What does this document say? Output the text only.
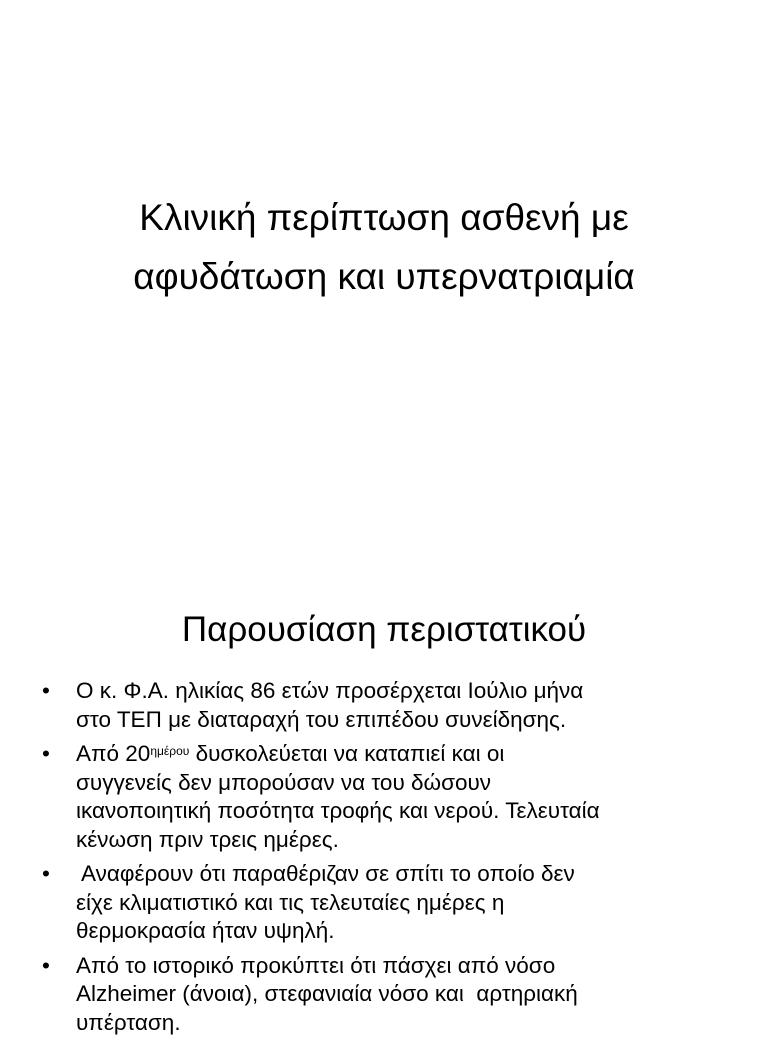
Κλινική περίπτωση ασθενή με
αφυδάτωση και υπερνατριαμία
Παρουσίαση περιστατικού
• Ο κ. Φ.Α. ηλικίας 86 ετών προσέρχεται Ιούλιο μήνα
στο ΤΕΠ με διαταραχή του επιπέδου συνείδησης.
• Από $20^{\eta\mu έ\rho o\upsilon}$ δυσκολεύεται να καταπιεί και οι
συγγενείς δεν μπορούσαν να του δώσουν
ικανοποιητική ποσότητα τροφής και νερού. Τελευταία
κένωση πριν τρεις ημέρες.
• Αναφέρουν ότι παραθέριζαν σε σπίτι το οποίο δεν
είχε κλιματιστικό και τις τελευταίες ημέρες η
θερμοκρασία ήταν υψηλή.
• Από το ιστορικό προκύπτει ότι πάσχει από νόσο
Alzheimer (άνοια), στεφανιαία νόσο και  αρτηριακή
υπέρταση.
